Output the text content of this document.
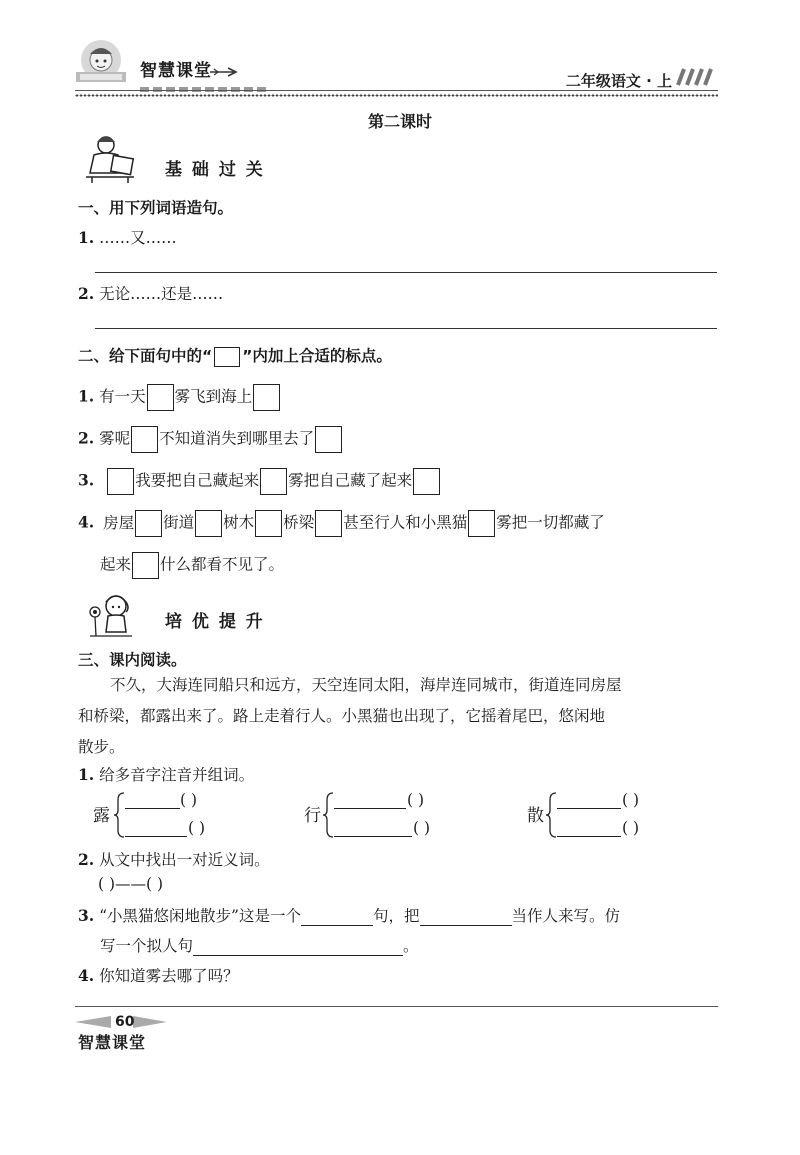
智慧课堂	二年级语文 · 上
第二课时
基 础 过 关
一、用下列词语造句。
1. ……又……
2. 无论……还是……
二、给下面句中的“ ”内加上合适的标点。
1. 有一天 雾飞到海上
2. 雾呢 不知道消失到哪里去了
3.	我要把自己藏起来 雾把自己藏了起来
4. 房屋 街道 树木 桥梁 甚至行人和小黑猫 雾把一切都藏了
起来 什么都看不见了。
培 优 提 升
三、课内阅读。
不久，大海连同船只和远方，天空连同太阳，海岸连同城市，街道连同房屋
和桥梁，都露出来了。路上走着行人。小黑猫也出现了，它摇着尾巴，悠闲地
散步。
1. 给多音字注音并组词。
露
( )
( )
行
( )
( )
散
( )
( )
2. 从文中找出一对近义词。
( )——( )
3. “小黑猫悠闲地散步”这是一个	句，把	当作人来写。仿
写一个拟人句	。
4. 你知道雾去哪了吗？
60
智慧课堂
